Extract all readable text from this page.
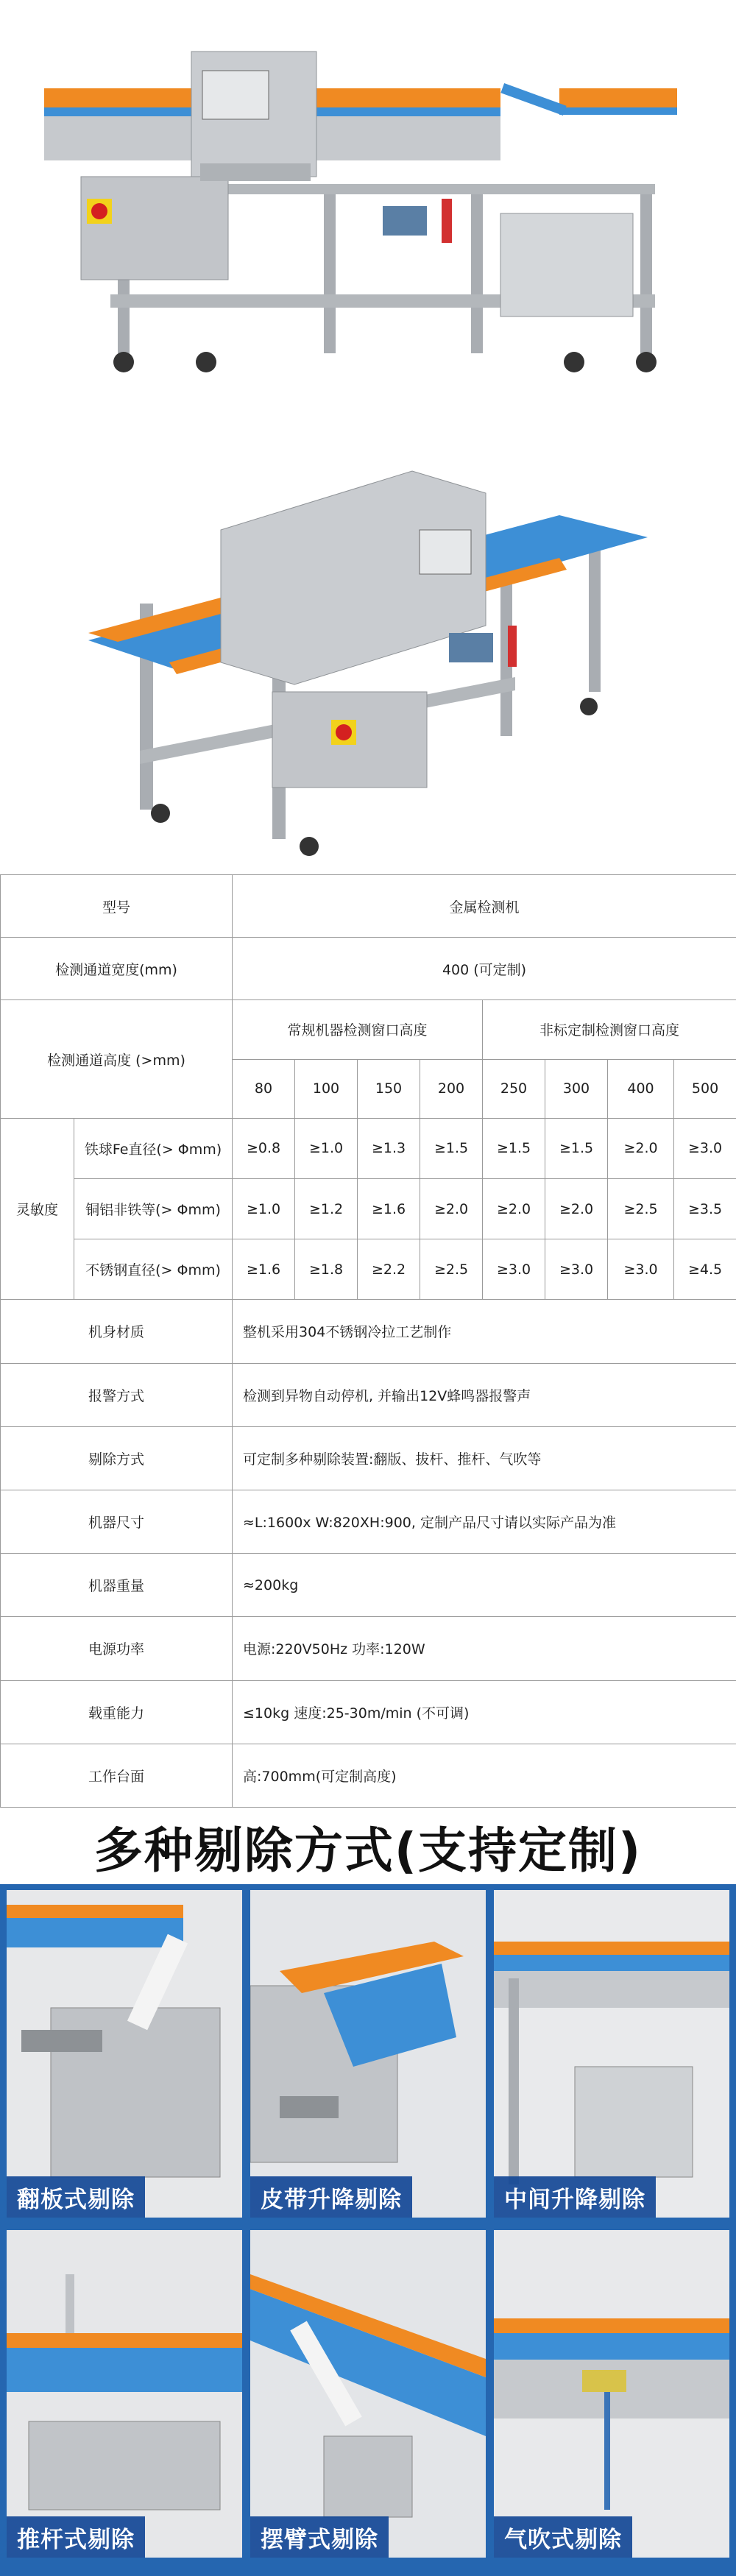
型号		金属检测机							
检测通道宽度(mm)		400 (可定制)							
检测通道高度 (>mm)		常规机器检测窗口高度				非标定制检测窗口高度			
		80	100	150	200	250	300	400	500
灵敏度	铁球Fe直径(> Φmm)	≥0.8	≥1.0	≥1.3	≥1.5	≥1.5	≥1.5	≥2.0	≥3.0
	铜铝非铁等(> Φmm)	≥1.0	≥1.2	≥1.6	≥2.0	≥2.0	≥2.0	≥2.5	≥3.5
	不锈钢直径(> Φmm)	≥1.6	≥1.8	≥2.2	≥2.5	≥3.0	≥3.0	≥3.0	≥4.5
机身材质		整机采用304不锈钢冷拉工艺制作							
报警方式		检测到异物自动停机, 并输出12V蜂鸣器报警声							
剔除方式		可定制多种剔除装置:翻版、拔杆、推杆、气吹等							
机器尺寸		≈L:1600x W:820XH:900, 定制产品尺寸请以实际产品为准							
机器重量		≈200kg							
电源功率		电源:220V50Hz 功率:120W							
载重能力		≤10kg 速度:25-30m/min (不可调)							
工作台面		高:700mm(可定制高度)							
多种剔除方式(支持定制)
翻板式剔除	皮带升降剔除	中间升降剔除
推杆式剔除	摆臂式剔除	气吹式剔除
